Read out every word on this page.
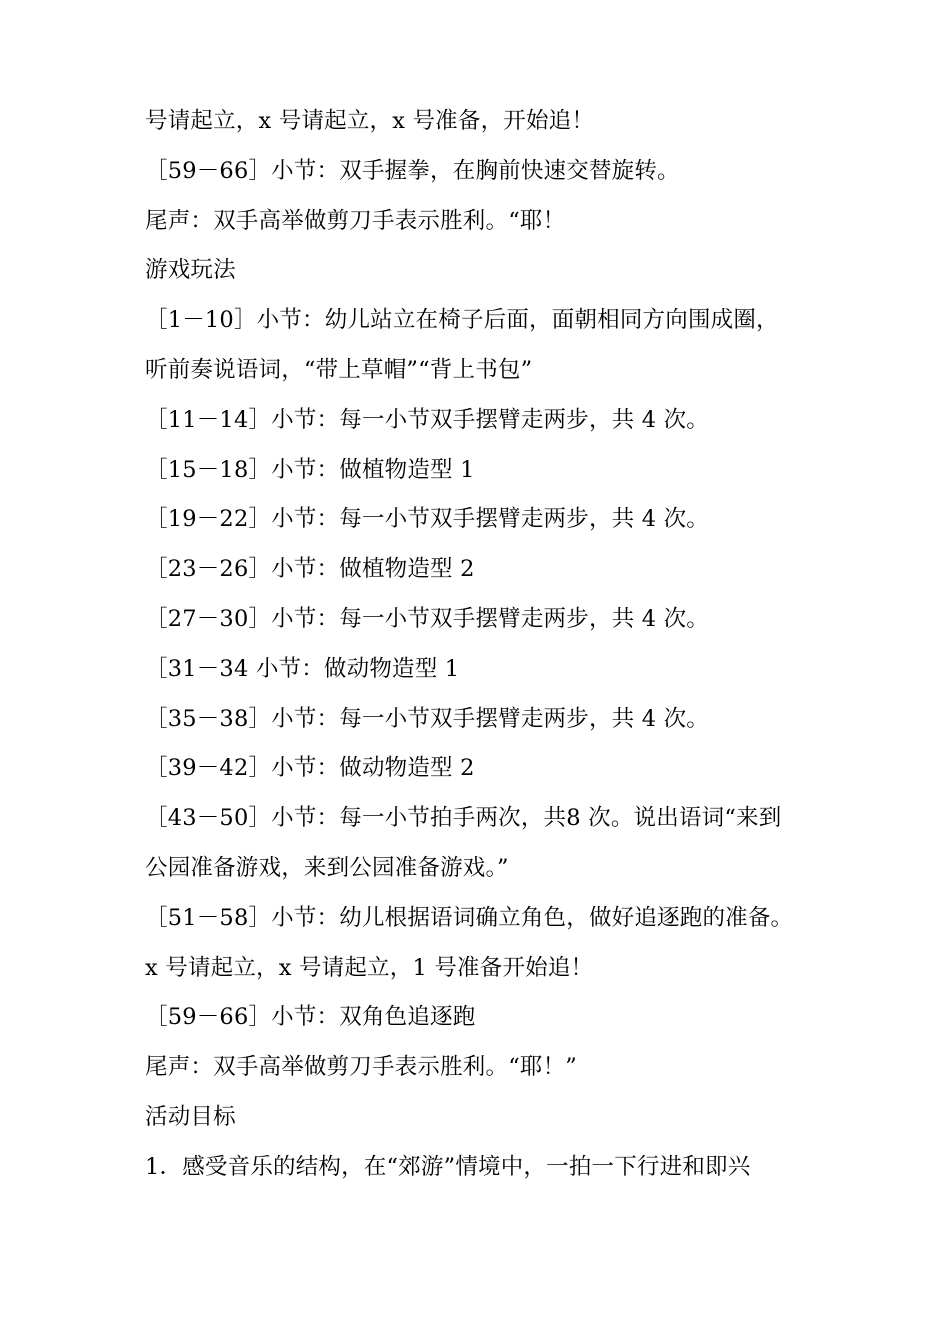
号请起立，x 号请起立，x 号准备，开始追！
［59－66］小节：双手握拳，在胸前快速交替旋转。
尾声：双手高举做剪刀手表示胜利。“耶！
游戏玩法
［1－10］小节：幼儿站立在椅子后面，面朝相同方向围成圈，
听前奏说语词，“带上草帽”“背上书包”
［11－14］小节：每一小节双手摆臂走两步，共 4 次。
［15－18］小节：做植物造型 1
［19－22］小节：每一小节双手摆臂走两步，共 4 次。
［23－26］小节：做植物造型 2
［27－30］小节：每一小节双手摆臂走两步，共 4 次。
［31－34 小节：做动物造型 1
［35－38］小节：每一小节双手摆臂走两步，共 4 次。
［39－42］小节：做动物造型 2
［43－50］小节：每一小节拍手两次，共8 次。说出语词“来到
公园准备游戏，来到公园准备游戏。”
［51－58］小节：幼儿根据语词确立角色，做好追逐跑的准备。
x 号请起立，x 号请起立，1 号准备开始追！
［59－66］小节：双角色追逐跑
尾声：双手高举做剪刀手表示胜利。“耶！”
活动目标
1．感受音乐的结构，在“郊游”情境中，一拍一下行进和即兴
